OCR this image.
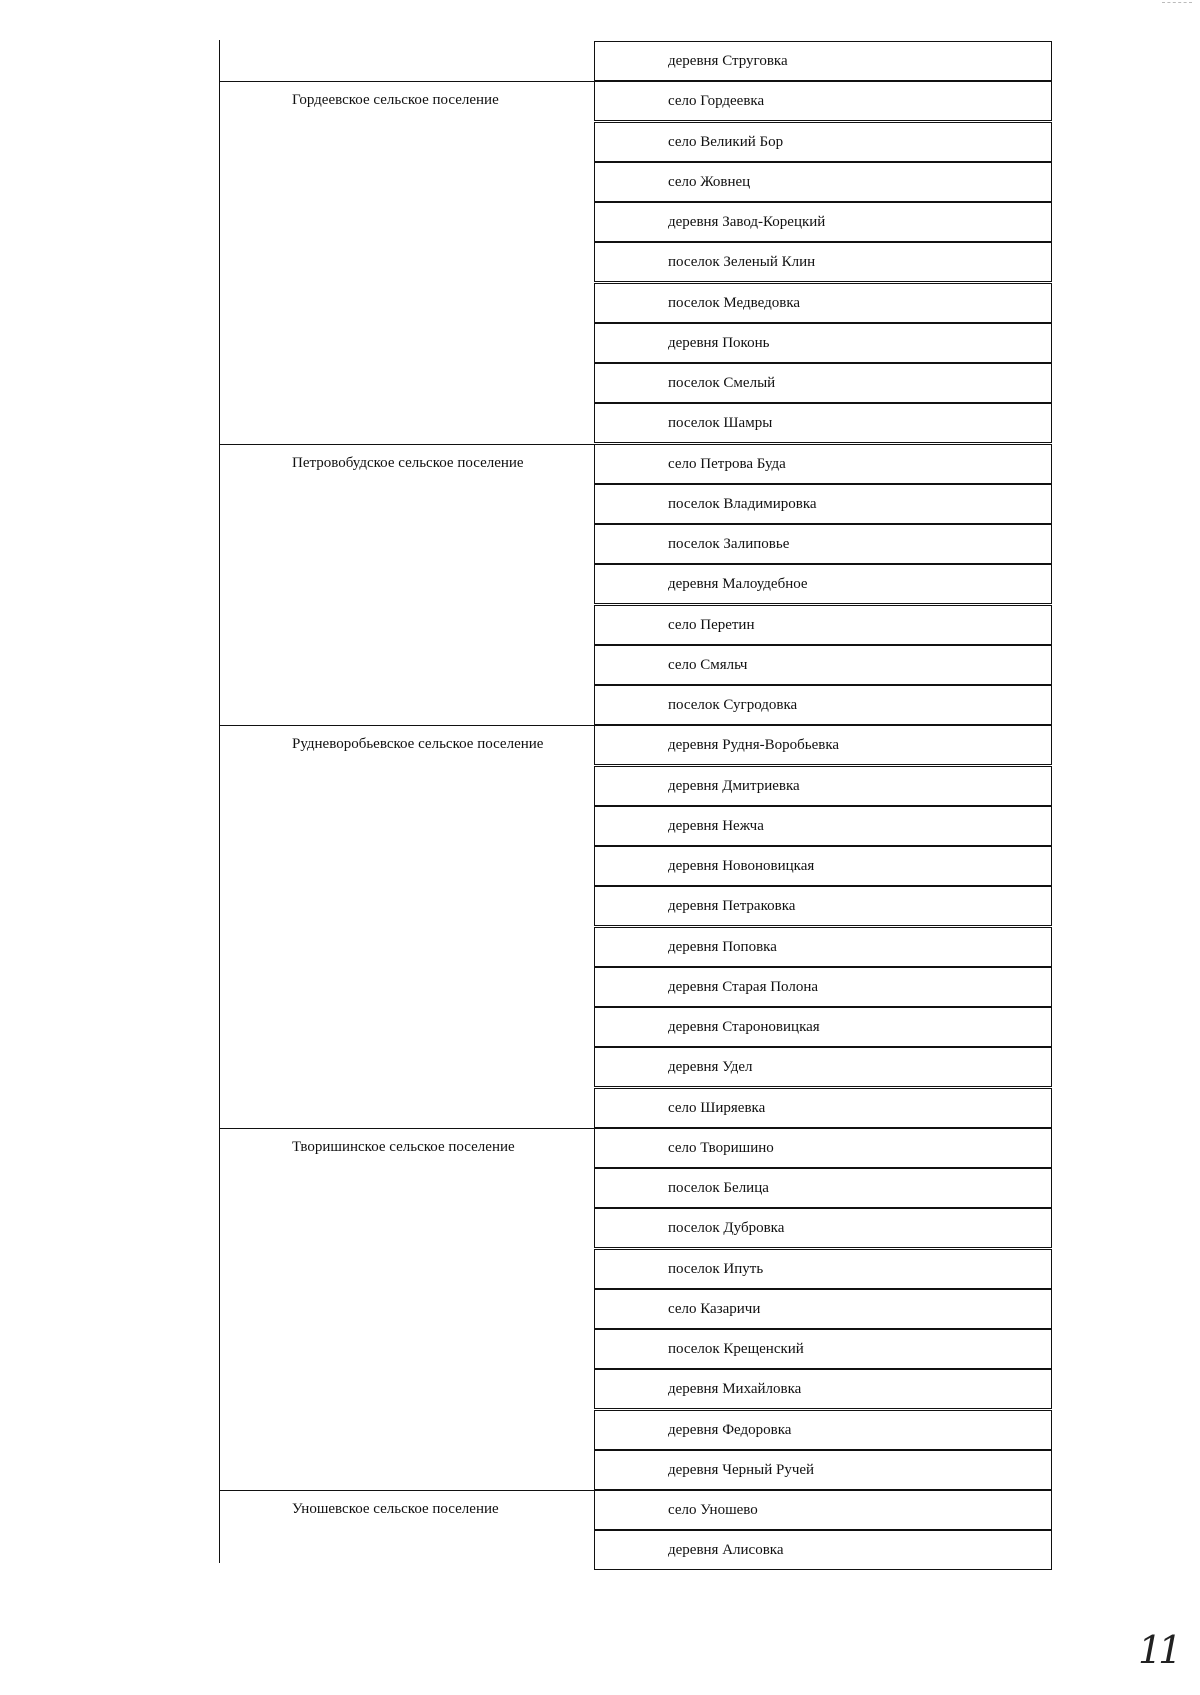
деревня Струговка
Гордеевское сельское поселение	село Гордеевка
село Великий Бор
село Жовнец
деревня Завод-Корецкий
поселок Зеленый Клин
поселок Медведовка
деревня Поконь
поселок Смелый
поселок Шамры
Петровобудское сельское поселение	село Петрова Буда
поселок Владимировка
поселок Залиповье
деревня Малоудебное
село Перетин
село Смяльч
поселок Сугродовка
Рудневоробьевское сельское поселение	деревня Рудня-Воробьевка
деревня Дмитриевка
деревня Нежча
деревня Новоновицкая
деревня Петраковка
деревня Поповка
деревня Старая Полона
деревня Староновицкая
деревня Удел
село Ширяевка
Творишинское сельское поселение	село Творишино
поселок Белица
поселок Дубровка
поселок Ипуть
село Казаричи
поселок Крещенский
деревня Михайловка
деревня Федоровка
деревня Черный Ручей
Уношевское сельское поселение	село Уношево
деревня Алисовка
11
